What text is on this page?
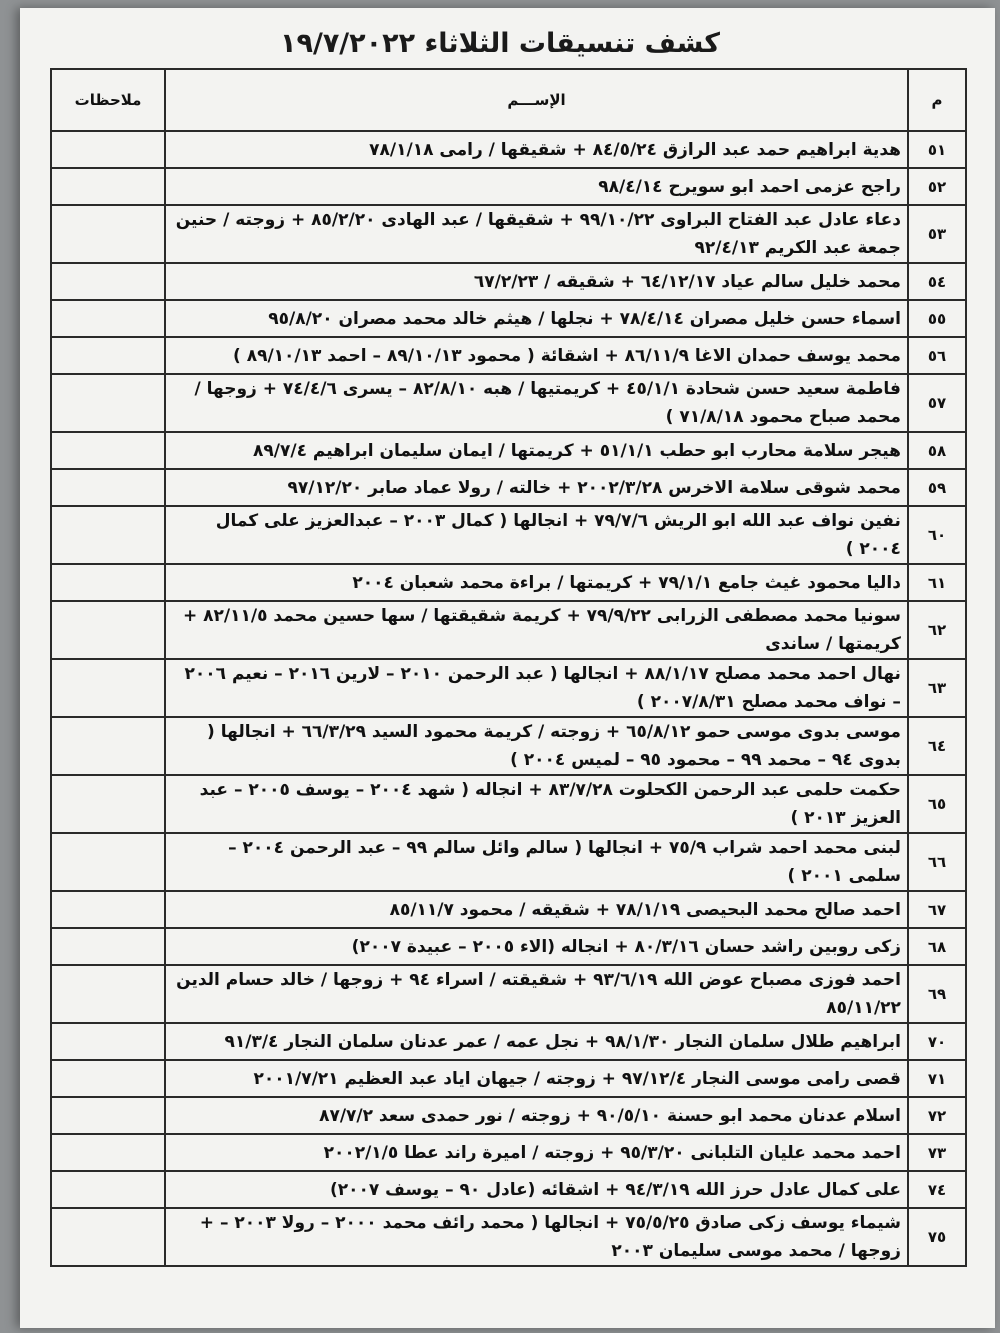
كشف تنسيقات الثلاثاء ١٩/٧/٢٠٢٢
م	الإســـم	ملاحظات
٥١	هدية ابراهيم حمد عبد الرازق ٨٤/٥/٢٤ + شقيقها / رامى ٧٨/١/١٨	
٥٢	راجح عزمى احمد ابو سويرح ٩٨/٤/١٤	
٥٣	دعاء عادل عبد الفتاح البراوى ٩٩/١٠/٢٢ + شقيقها / عبد الهادى ٨٥/٢/٢٠ + زوجته / حنين جمعة عبد الكريم ٩٢/٤/١٣	
٥٤	محمد خليل سالم عياد ٦٤/١٢/١٧ + شقيقه / ٦٧/٢/٢٣	
٥٥	اسماء حسن خليل مصران ٧٨/٤/١٤ + نجلها / هيثم خالد محمد مصران ٩٥/٨/٢٠	
٥٦	محمد يوسف حمدان الاغا ٨٦/١١/٩ + اشقائة ( محمود ٨٩/١٠/١٣ – احمد ٨٩/١٠/١٣ )	
٥٧	فاطمة سعيد حسن شحادة ٤٥/١/١ + كريمتيها / هبه ٨٢/٨/١٠ – يسرى ٧٤/٤/٦ + زوجها / محمد صباح محمود ٧١/٨/١٨ )	
٥٨	هيجر سلامة محارب ابو حطب ٥١/١/١ + كريمتها / ايمان سليمان ابراهيم ٨٩/٧/٤	
٥٩	محمد شوقى سلامة الاخرس ٢٠٠٢/٣/٢٨ + خالته / رولا عماد صابر ٩٧/١٢/٢٠	
٦٠	نفين نواف عبد الله ابو الريش ٧٩/٧/٦ + انجالها ( كمال ٢٠٠٣ – عبدالعزيز على كمال ٢٠٠٤ )	
٦١	داليا محمود غيث جامع ٧٩/١/١ + كريمتها / براءة محمد شعبان ٢٠٠٤	
٦٢	سونيا محمد مصطفى الزرابى ٧٩/٩/٢٢ + كريمة شقيقتها / سها حسين محمد ٨٢/١١/٥ + كريمتها / ساندى	
٦٣	نهال احمد محمد مصلح ٨٨/١/١٧ + انجالها ( عبد الرحمن ٢٠١٠ – لارين ٢٠١٦ – نعيم ٢٠٠٦ – نواف محمد مصلح ٢٠٠٧/٨/٣١ )	
٦٤	موسى بدوى موسى حمو ٦٥/٨/١٢ + زوجته / كريمة محمود السيد ٦٦/٣/٢٩ + انجالها ( بدوى ٩٤ – محمد ٩٩ – محمود ٩٥ – لميس ٢٠٠٤ )	
٦٥	حكمت حلمى عبد الرحمن الكحلوت ٨٣/٧/٢٨ + انجاله ( شهد ٢٠٠٤ – يوسف ٢٠٠٥ – عبد العزيز ٢٠١٣ )	
٦٦	لبنى محمد احمد شراب ٧٥/٩ + انجالها ( سالم وائل سالم ٩٩ – عبد الرحمن ٢٠٠٤ – سلمى ٢٠٠١ )	
٦٧	احمد صالح محمد البحيصى ٧٨/١/١٩ + شقيقه / محمود ٨٥/١١/٧	
٦٨	زكى روبين راشد حسان ٨٠/٣/١٦ + انجاله (الاء ٢٠٠٥ – عبيدة ٢٠٠٧)	
٦٩	احمد فوزى مصباح عوض الله ٩٣/٦/١٩ + شقيقته / اسراء ٩٤ + زوجها / خالد حسام الدين ٨٥/١١/٢٢	
٧٠	ابراهيم طلال سلمان النجار ٩٨/١/٣٠ + نجل عمه / عمر عدنان سلمان النجار ٩١/٣/٤	
٧١	قصى رامى موسى النجار ٩٧/١٢/٤ + زوجته / جيهان اياد عبد العظيم ٢٠٠١/٧/٢١	
٧٢	اسلام عدنان محمد ابو حسنة ٩٠/٥/١٠ + زوجته / نور حمدى سعد ٨٧/٧/٢	
٧٣	احمد محمد عليان التلبانى ٩٥/٣/٢٠ + زوجته / اميرة راند عطا ٢٠٠٢/١/٥	
٧٤	على كمال عادل حرز الله ٩٤/٣/١٩ + اشقائه (عادل ٩٠ – يوسف ٢٠٠٧)	
٧٥	شيماء يوسف زكى صادق ٧٥/٥/٢٥ + انجالها ( محمد رائف محمد ٢٠٠٠ – رولا ٢٠٠٣ – + زوجها / محمد موسى سليمان ٢٠٠٣	
